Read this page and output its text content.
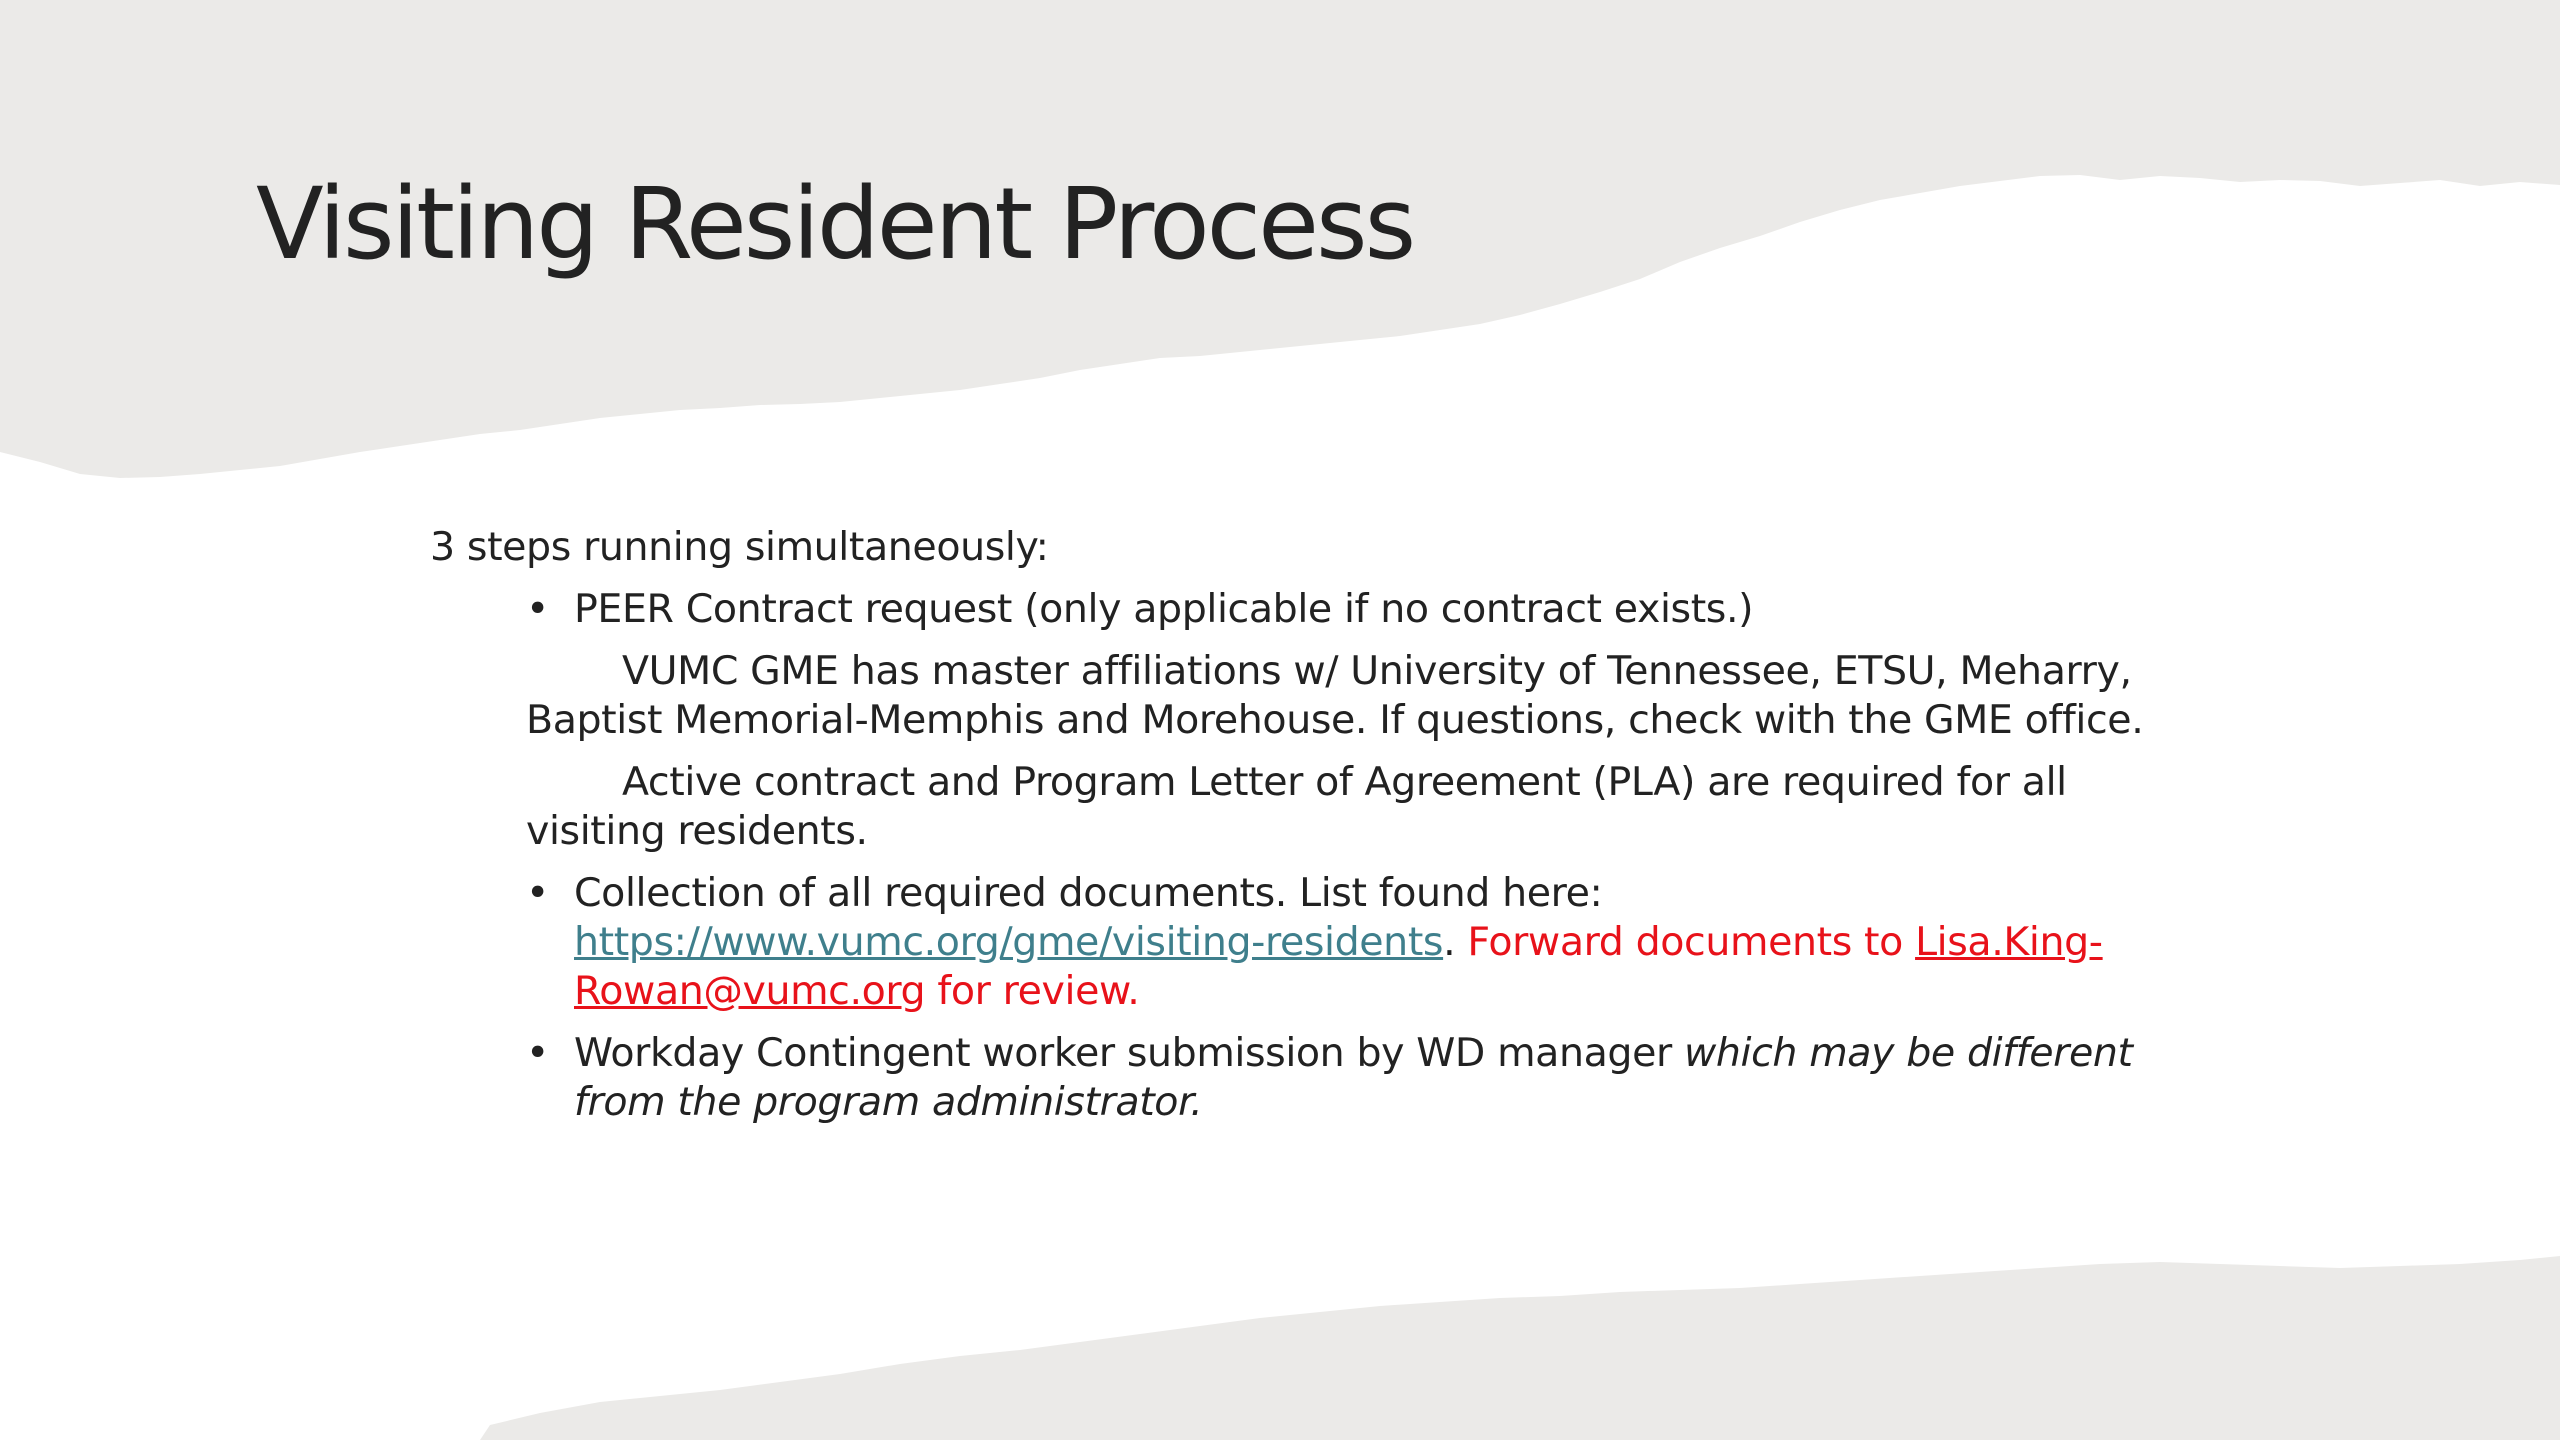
Visiting Resident Process

3 steps running simultaneously:

• PEER Contract request (only applicable if no contract exists.)

VUMC GME has master affiliations w/ University of Tennessee, ETSU, Meharry, Baptist Memorial-Memphis and Morehouse. If questions, check with the GME office.

Active contract and Program Letter of Agreement (PLA) are required for all visiting residents.

• Collection of all required documents. List found here: https://www.vumc.org/gme/visiting-residents. Forward documents to Lisa.King-Rowan@vumc.org for review.
• Workday Contingent worker submission by WD manager which may be different from the program administrator.
